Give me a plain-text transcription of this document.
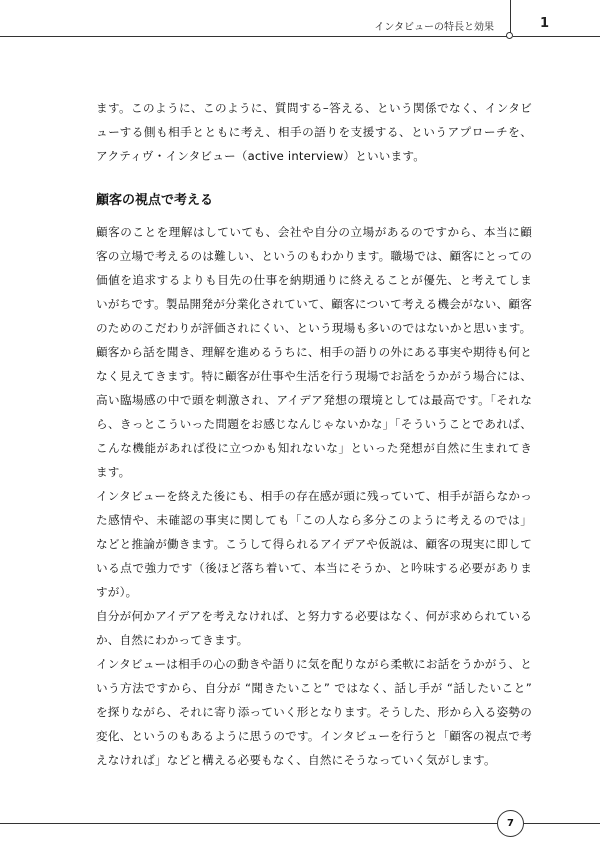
インタビューの特長と効果	1

ます。このように、このように、質問する–答える、という関係でなく、インタビューする側も相手とともに考え、相手の語りを支援する、というアプローチを、アクティヴ・インタビュー（active interview）といいます。

顧客の視点で考える

顧客のことを理解はしていても、会社や自分の立場があるのですから、本当に顧客の立場で考えるのは難しい、というのもわかります。職場では、顧客にとっての価値を追求するよりも目先の仕事を納期通りに終えることが優先、と考えてしまいがちです。製品開発が分業化されていて、顧客について考える機会がない、顧客のためのこだわりが評価されにくい、という現場も多いのではないかと思います。

顧客から話を聞き、理解を進めるうちに、相手の語りの外にある事実や期待も何となく見えてきます。特に顧客が仕事や生活を行う現場でお話をうかがう場合には、高い臨場感の中で頭を刺激され、アイデア発想の環境としては最高です。「それなら、きっとこういった問題をお感じなんじゃないかな」「そういうことであれば、こんな機能があれば役に立つかも知れないな」といった発想が自然に生まれてきます。

インタビューを終えた後にも、相手の存在感が頭に残っていて、相手が語らなかった感情や、未確認の事実に関しても「この人なら多分このように考えるのでは」などと推論が働きます。こうして得られるアイデアや仮説は、顧客の現実に即している点で強力です（後ほど落ち着いて、本当にそうか、と吟味する必要がありますが）。

自分が何かアイデアを考えなければ、と努力する必要はなく、何が求められているか、自然にわかってきます。

インタビューは相手の心の動きや語りに気を配りながら柔軟にお話をうかがう、という方法ですから、自分が “聞きたいこと” ではなく、話し手が “話したいこと” を探りながら、それに寄り添っていく形となります。そうした、形から入る姿勢の変化、というのもあるように思うのです。インタビューを行うと「顧客の視点で考えなければ」などと構える必要もなく、自然にそうなっていく気がします。

7
